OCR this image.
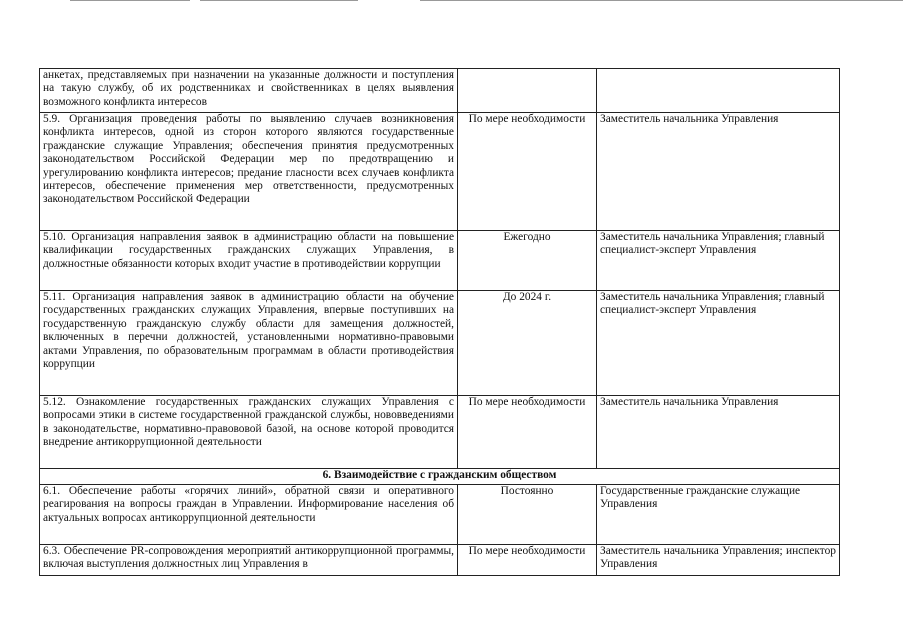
анкетах, представляемых при назначении на указанные должности и поступления на такую службу, об их родственниках и свойственниках в целях выявления возможного конфликта интересов		
5.9. Организация проведения работы по выявлению случаев возникновения конфликта интересов, одной из сторон которого являются государственные гражданские служащие Управления; обеспечения принятия предусмотренных законодательством Российской Федерации мер по предотвращению и урегулированию конфликта интересов; предание гласности всех случаев конфликта интересов, обеспечение применения мер ответственности, предусмотренных законодательством Российской Федерации	По мере необходимости	Заместитель начальника Управления
5.10. Организация направления заявок в администрацию области на повышение квалификации государственных гражданских служащих Управления, в должностные обязанности которых входит участие в противодействии коррупции	Ежегодно	Заместитель начальника Управления; главный специалист-эксперт Управления
5.11. Организация направления заявок в администрацию области на обучение государственных гражданских служащих Управления, впервые поступивших на государственную гражданскую службу области для замещения должностей, включенных в перечни должностей, установленными нормативно-правовыми актами Управления, по образовательным программам в области противодействия коррупции	До 2024 г.	Заместитель начальника Управления; главный специалист-эксперт Управления
5.12. Ознакомление государственных гражданских служащих Управления с вопросами этики в системе государственной гражданской службы, нововведениями в законодательстве, нормативно-правововой базой, на основе которой проводится внедрение антикоррупционной деятельности	По мере необходимости	Заместитель начальника Управления
6. Взаимодействие с гражданским обществом		
6.1. Обеспечение работы «горячих линий», обратной связи и оперативного реагирования на вопросы граждан в Управлении. Информирование населения об актуальных вопросах антикоррупционной деятельности	Постоянно	Государственные гражданские служащие Управления
6.3. Обеспечение PR-сопровождения мероприятий антикоррупционной программы, включая выступления должностных лиц Управления в	По мере необходимости	Заместитель начальника Управления; инспектор Управления
